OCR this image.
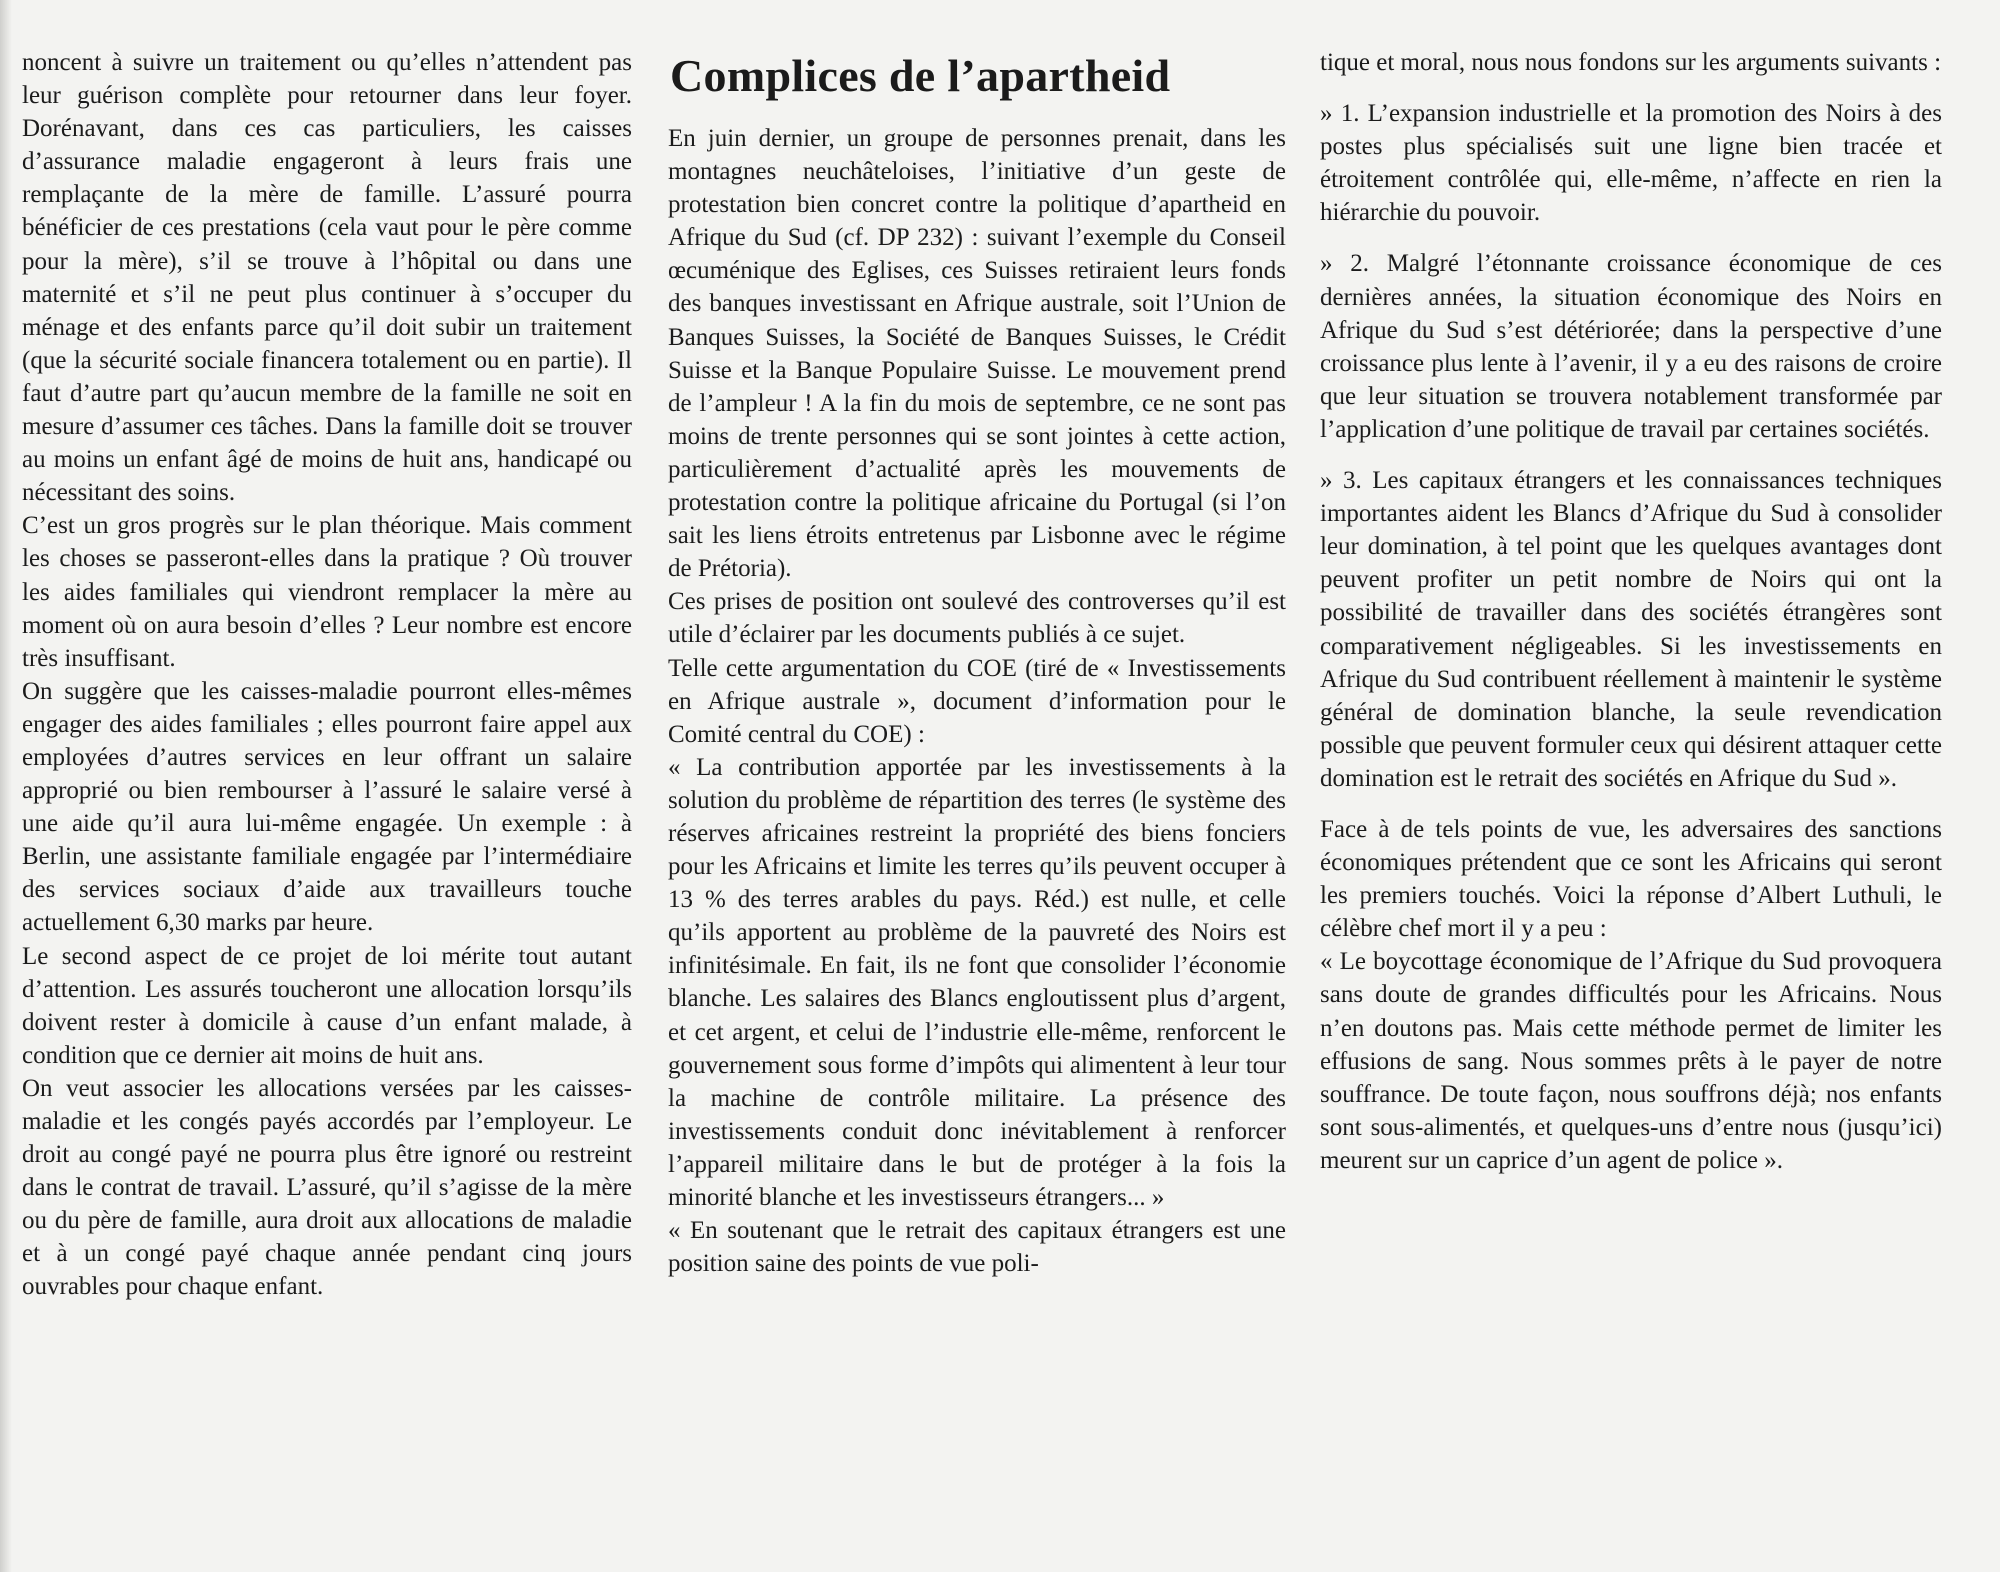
noncent à suivre un traitement ou qu’elles n’attendent pas leur guérison complète pour retourner dans leur foyer. Dorénavant, dans ces cas particuliers, les caisses d’assurance maladie engageront à leurs frais une remplaçante de la mère de famille. L’assuré pourra bénéficier de ces prestations (cela vaut pour le père comme pour la mère), s’il se trouve à l’hôpital ou dans une maternité et s’il ne peut plus continuer à s’occuper du ménage et des enfants parce qu’il doit subir un traitement (que la sécurité sociale financera totalement ou en partie). Il faut d’autre part qu’aucun membre de la famille ne soit en mesure d’assumer ces tâches. Dans la famille doit se trouver au moins un enfant âgé de moins de huit ans, handicapé ou nécessitant des soins.

C’est un gros progrès sur le plan théorique. Mais comment les choses se passeront-elles dans la pratique ? Où trouver les aides familiales qui viendront remplacer la mère au moment où on aura besoin d’elles ? Leur nombre est encore très insuffisant.

On suggère que les caisses-maladie pourront elles-mêmes engager des aides familiales ; elles pourront faire appel aux employées d’autres services en leur offrant un salaire approprié ou bien rembourser à l’assuré le salaire versé à une aide qu’il aura lui-même engagée. Un exemple : à Berlin, une assistante familiale engagée par l’intermédiaire des services sociaux d’aide aux travailleurs touche actuellement 6,30 marks par heure.

Le second aspect de ce projet de loi mérite tout autant d’attention. Les assurés toucheront une allocation lorsqu’ils doivent rester à domicile à cause d’un enfant malade, à condition que ce dernier ait moins de huit ans.

On veut associer les allocations versées par les caisses-maladie et les congés payés accordés par l’employeur. Le droit au congé payé ne pourra plus être ignoré ou restreint dans le contrat de travail. L’assuré, qu’il s’agisse de la mère ou du père de famille, aura droit aux allocations de maladie et à un congé payé chaque année pendant cinq jours ouvrables pour chaque enfant.

Complices de l’apartheid

En juin dernier, un groupe de personnes prenait, dans les montagnes neuchâteloises, l’initiative d’un geste de protestation bien concret contre la politique d’apartheid en Afrique du Sud (cf. DP 232) : suivant l’exemple du Conseil œcuménique des Eglises, ces Suisses retiraient leurs fonds des banques investissant en Afrique australe, soit l’Union de Banques Suisses, la Société de Banques Suisses, le Crédit Suisse et la Banque Populaire Suisse. Le mouvement prend de l’ampleur ! A la fin du mois de septembre, ce ne sont pas moins de trente personnes qui se sont jointes à cette action, particulièrement d’actualité après les mouvements de protestation contre la politique africaine du Portugal (si l’on sait les liens étroits entretenus par Lisbonne avec le régime de Prétoria).

Ces prises de position ont soulevé des controverses qu’il est utile d’éclairer par les documents publiés à ce sujet.

Telle cette argumentation du COE (tiré de « Investissements en Afrique australe », document d’information pour le Comité central du COE) :

« La contribution apportée par les investissements à la solution du problème de répartition des terres (le système des réserves africaines restreint la propriété des biens fonciers pour les Africains et limite les terres qu’ils peuvent occuper à 13 % des terres arables du pays. Réd.) est nulle, et celle qu’ils apportent au problème de la pauvreté des Noirs est infinitésimale. En fait, ils ne font que consolider l’économie blanche. Les salaires des Blancs engloutissent plus d’argent, et cet argent, et celui de l’industrie elle-même, renforcent le gouvernement sous forme d’impôts qui alimentent à leur tour la machine de contrôle militaire. La présence des investissements conduit donc inévitablement à renforcer l’appareil militaire dans le but de protéger à la fois la minorité blanche et les investisseurs étrangers... »

« En soutenant que le retrait des capitaux étrangers est une position saine des points de vue poli-

tique et moral, nous nous fondons sur les arguments suivants :

» 1. L’expansion industrielle et la promotion des Noirs à des postes plus spécialisés suit une ligne bien tracée et étroitement contrôlée qui, elle-même, n’affecte en rien la hiérarchie du pouvoir.

» 2. Malgré l’étonnante croissance économique de ces dernières années, la situation économique des Noirs en Afrique du Sud s’est détériorée; dans la perspective d’une croissance plus lente à l’avenir, il y a eu des raisons de croire que leur situation se trouvera notablement transformée par l’application d’une politique de travail par certaines sociétés.

» 3. Les capitaux étrangers et les connaissances techniques importantes aident les Blancs d’Afrique du Sud à consolider leur domination, à tel point que les quelques avantages dont peuvent profiter un petit nombre de Noirs qui ont la possibilité de travailler dans des sociétés étrangères sont comparativement négligeables. Si les investissements en Afrique du Sud contribuent réellement à maintenir le système général de domination blanche, la seule revendication possible que peuvent formuler ceux qui désirent attaquer cette domination est le retrait des sociétés en Afrique du Sud ».

Face à de tels points de vue, les adversaires des sanctions économiques prétendent que ce sont les Africains qui seront les premiers touchés. Voici la réponse d’Albert Luthuli, le célèbre chef mort il y a peu :

« Le boycottage économique de l’Afrique du Sud provoquera sans doute de grandes difficultés pour les Africains. Nous n’en doutons pas. Mais cette méthode permet de limiter les effusions de sang. Nous sommes prêts à le payer de notre souffrance. De toute façon, nous souffrons déjà; nos enfants sont sous-alimentés, et quelques-uns d’entre nous (jusqu’ici) meurent sur un caprice d’un agent de police ».
